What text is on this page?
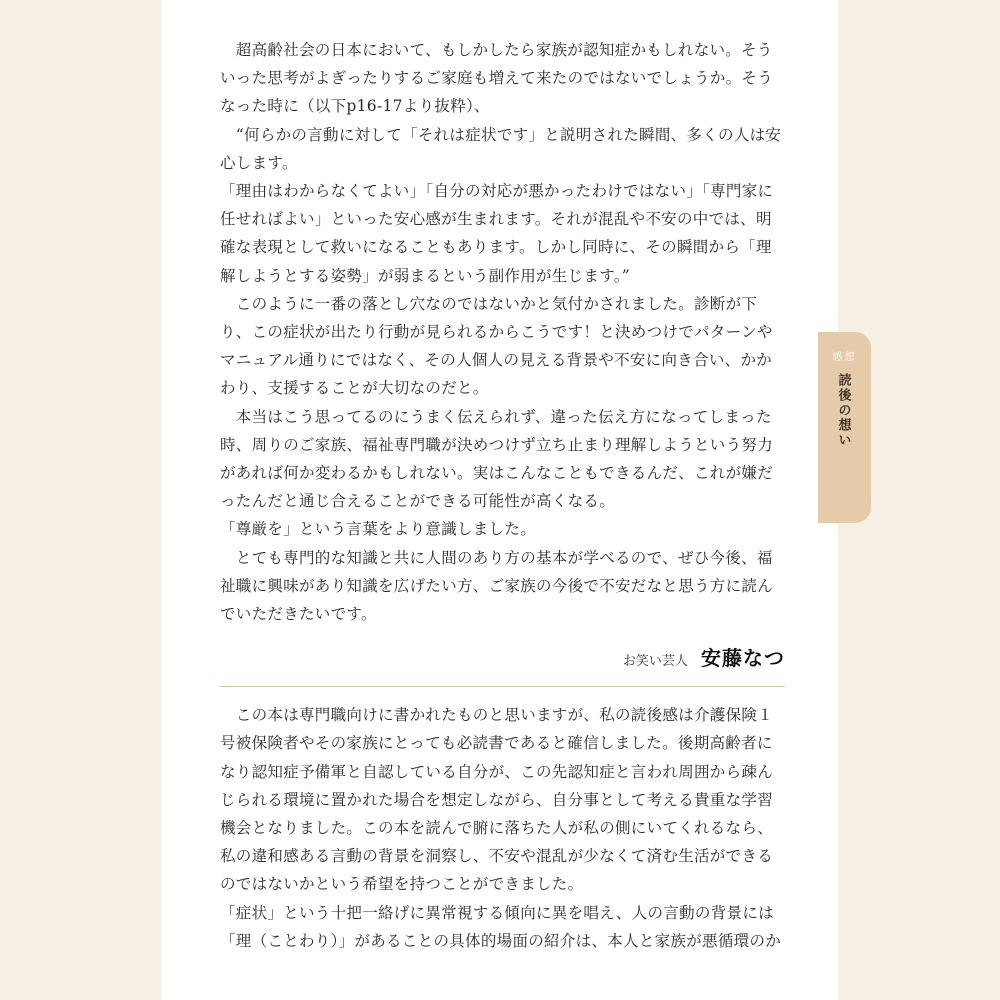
　超高齢社会の日本において、もしかしたら家族が認知症かもしれない。そういった思考がよぎったりするご家庭も増えて来たのではないでしょうか。そうなった時に（以下p16-17より抜粋）、

　“何らかの言動に対して「それは症状です」と説明された瞬間、多くの人は安心します。

「理由はわからなくてよい」「自分の対応が悪かったわけではない」「専門家に任せればよい」といった安心感が生まれます。それが混乱や不安の中では、明確な表現として救いになることもあります。しかし同時に、その瞬間から「理解しようとする姿勢」が弱まるという副作用が生じます。”

　このように一番の落とし穴なのではないかと気付かされました。診断が下り、この症状が出たり行動が見られるからこうです！と決めつけでパターンやマニュアル通りにではなく、その人個人の見える背景や不安に向き合い、かかわり、支援することが大切なのだと。

　本当はこう思ってるのにうまく伝えられず、違った伝え方になってしまった時、周りのご家族、福祉専門職が決めつけず立ち止まり理解しようという努力があれば何か変わるかもしれない。実はこんなこともできるんだ、これが嫌だったんだと通じ合えることができる可能性が高くなる。

「尊厳を」という言葉をより意識しました。

　とても専門的な知識と共に人間のあり方の基本が学べるので、ぜひ今後、福祉職に興味があり知識を広げたい方、ご家族の今後で不安だなと思う方に読んでいただきたいです。

お笑い芸人 安藤なつ

　この本は専門職向けに書かれたものと思いますが、私の読後感は介護保険１号被保険者やその家族にとっても必読書であると確信しました。後期高齢者になり認知症予備軍と自認している自分が、この先認知症と言われ周囲から疎んじられる環境に置かれた場合を想定しながら、自分事として考える貴重な学習機会となりました。この本を読んで腑に落ちた人が私の側にいてくれるなら、私の違和感ある言動の背景を洞察し、不安や混乱が少なくて済む生活ができるのではないかという希望を持つことができました。

「症状」という十把一絡げに異常視する傾向に異を唱え、人の言動の背景には「理（ことわり）」があることの具体的場面の紹介は、本人と家族が悪循環のか

感想
読後の想い
